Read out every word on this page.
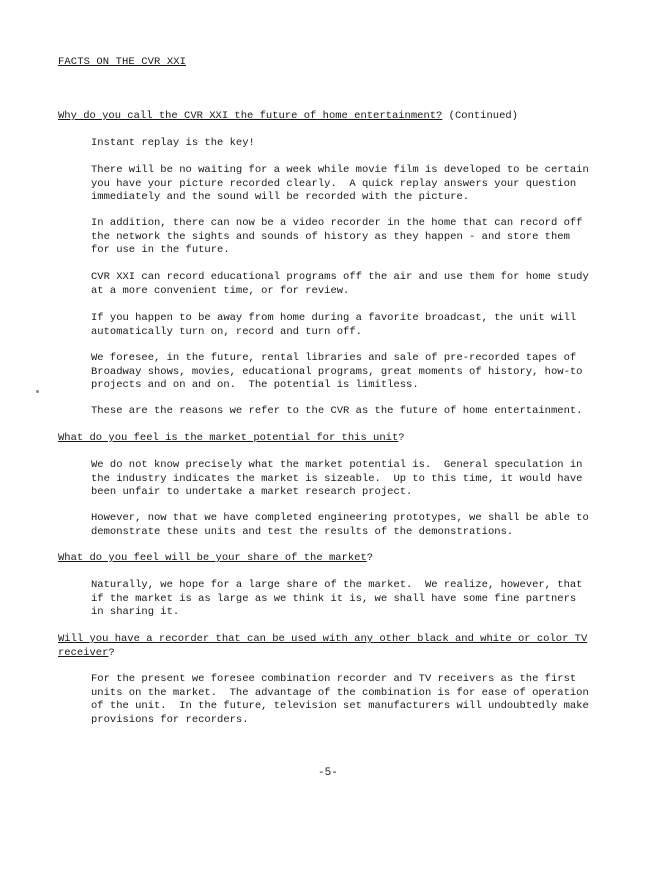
FACTS ON THE CVR XXI
Why do you call the CVR XXI the future of home entertainment? (Continued)
Instant replay is the key!
There will be no waiting for a week while movie film is developed to be certain
you have your picture recorded clearly.  A quick replay answers your question
immediately and the sound will be recorded with the picture.
In addition, there can now be a video recorder in the home that can record off
the network the sights and sounds of history as they happen - and store them
for use in the future.
CVR XXI can record educational programs off the air and use them for home study
at a more convenient time, or for review.
If you happen to be away from home during a favorite broadcast, the unit will
automatically turn on, record and turn off.
We foresee, in the future, rental libraries and sale of pre-recorded tapes of
Broadway shows, movies, educational programs, great moments of history, how-to
projects and on and on.  The potential is limitless.
These are the reasons we refer to the CVR as the future of home entertainment.
What do you feel is the market potential for this unit?
We do not know precisely what the market potential is.  General speculation in
the industry indicates the market is sizeable.  Up to this time, it would have
been unfair to undertake a market research project.
However, now that we have completed engineering prototypes, we shall be able to
demonstrate these units and test the results of the demonstrations.
What do you feel will be your share of the market?
Naturally, we hope for a large share of the market.  We realize, however, that
if the market is as large as we think it is, we shall have some fine partners
in sharing it.
Will you have a recorder that can be used with any other black and white or color TV
receiver?
For the present we foresee combination recorder and TV receivers as the first
units on the market.  The advantage of the combination is for ease of operation
of the unit.  In the future, television set manufacturers will undoubtedly make
provisions for recorders.
-5-
